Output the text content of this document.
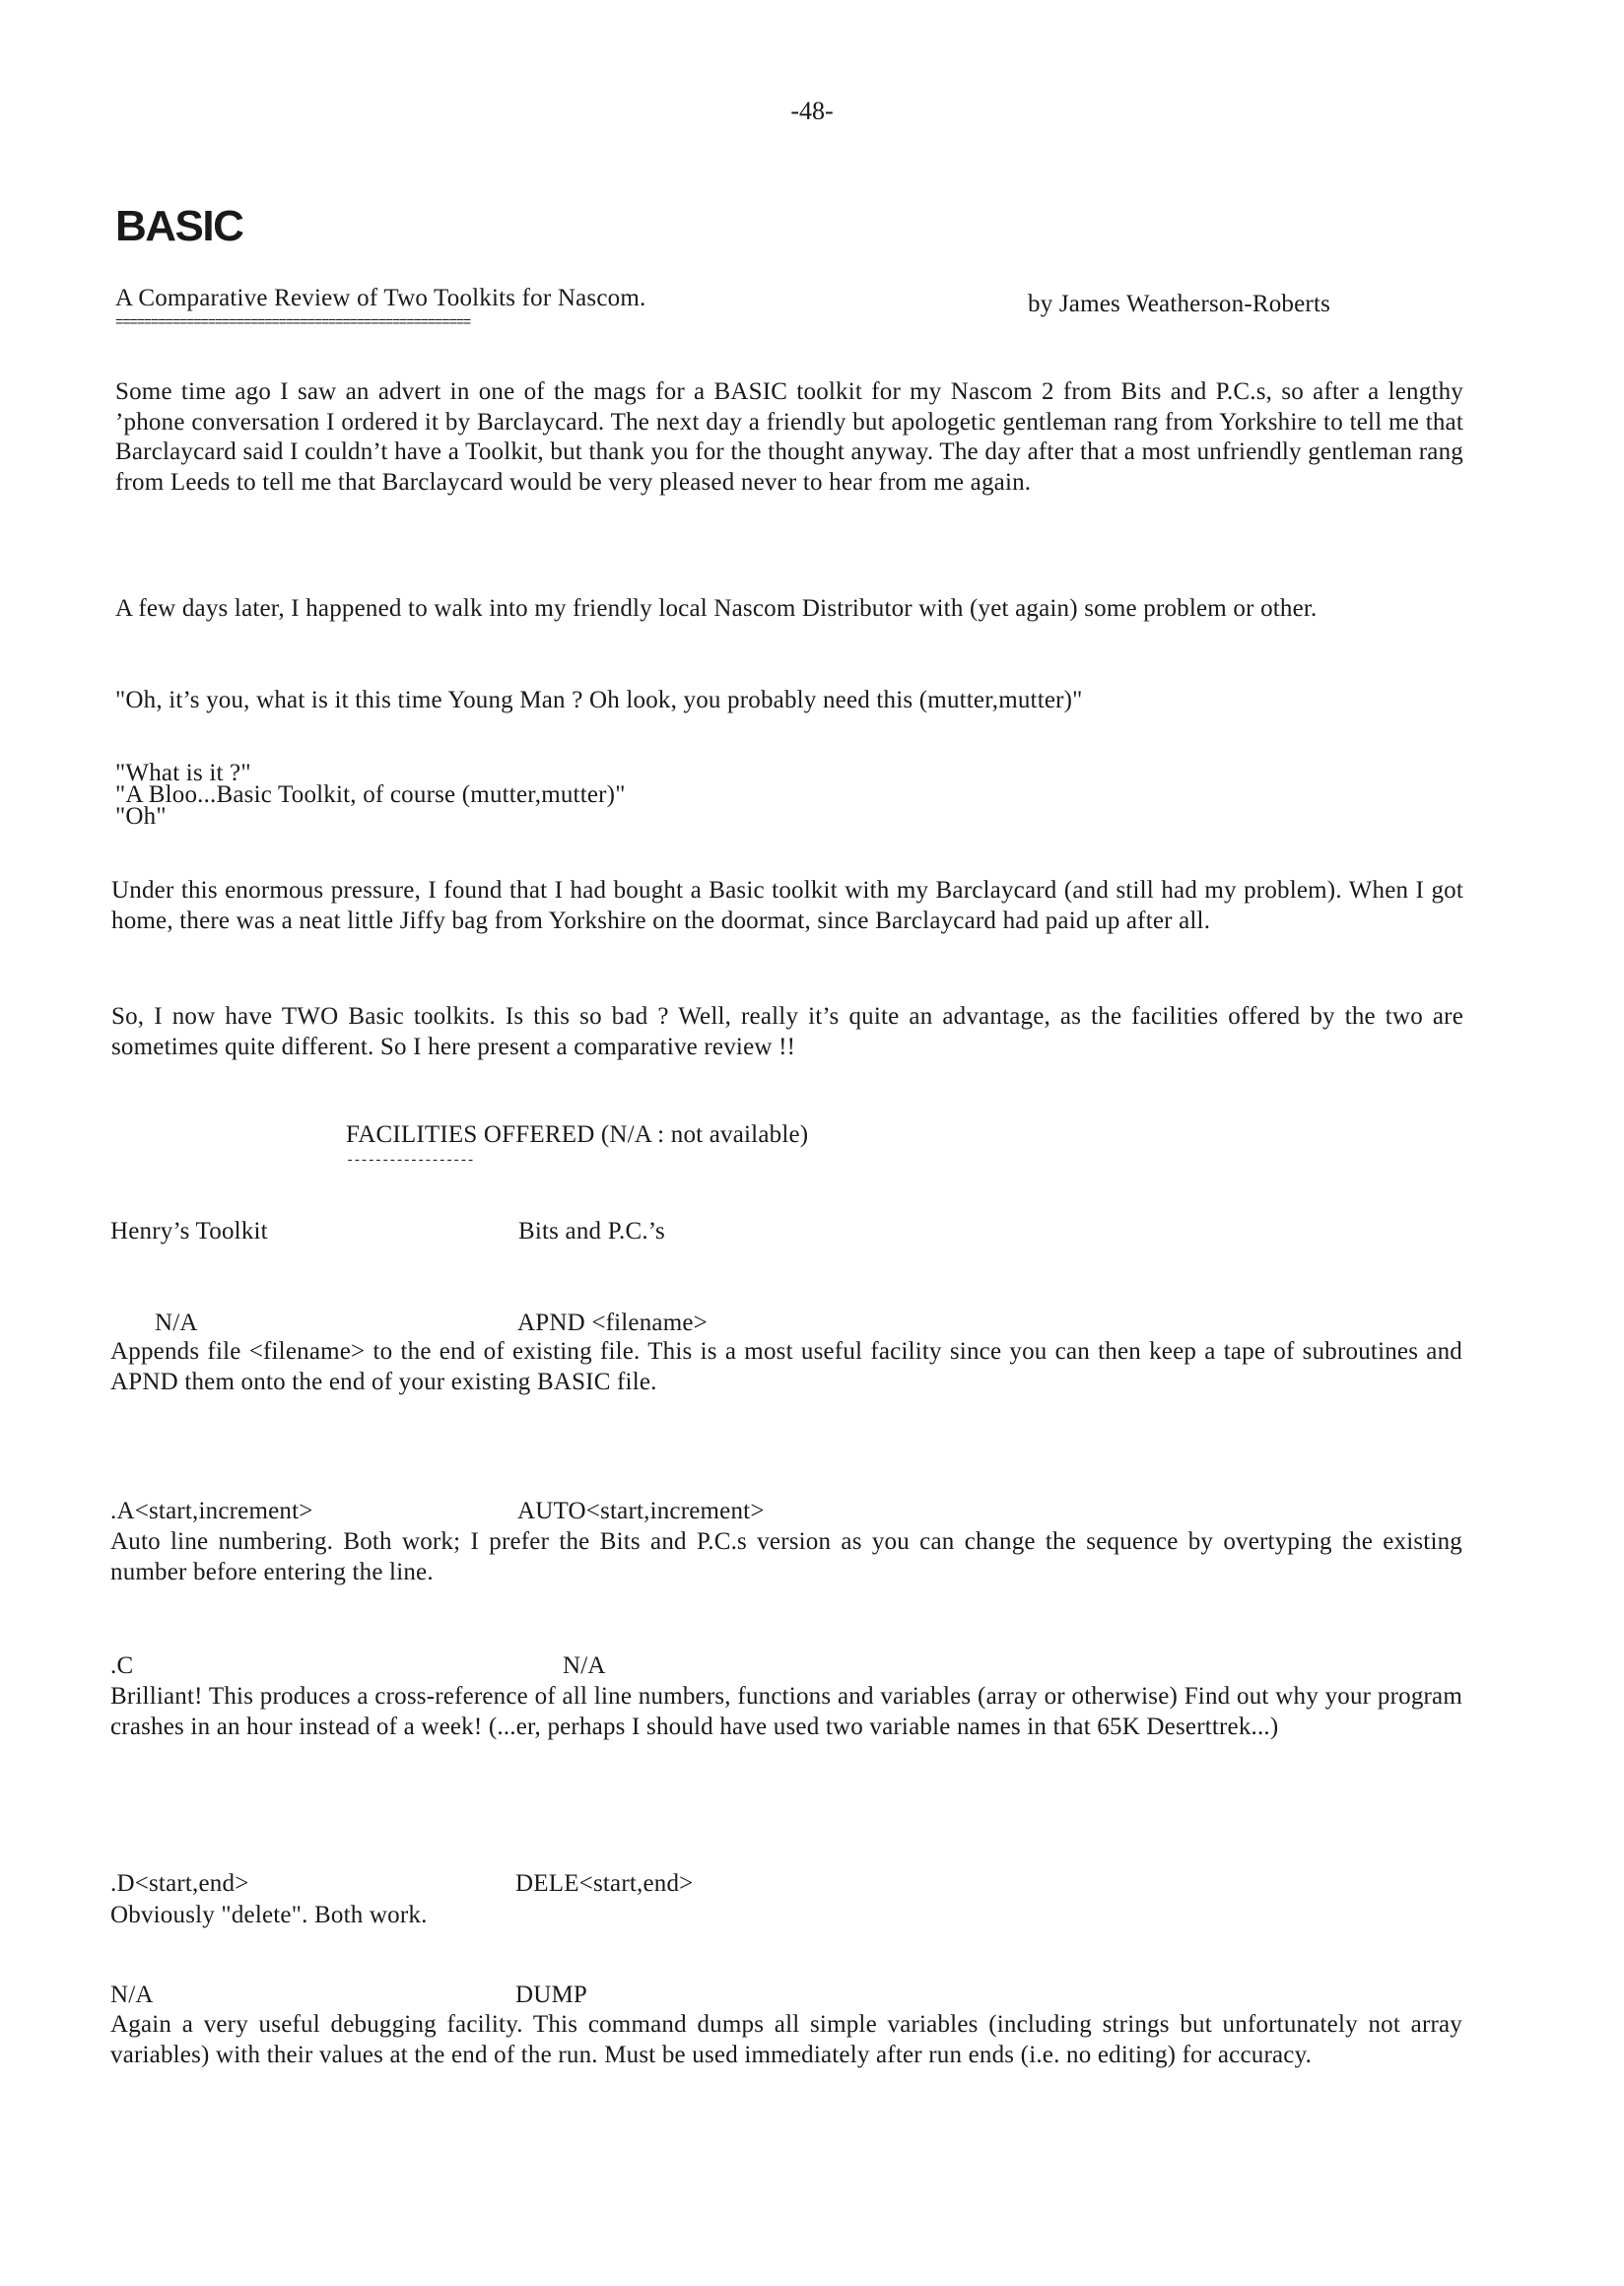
-48-
BASIC
A Comparative Review of Two Toolkits for Nascom.	by James Weatherson-Roberts
==================================================
Some time ago I saw an advert in one of the mags for a BASIC toolkit for my Nascom 2 from Bits and P.C.s, so after a lengthy ’phone conversation I ordered it by Barclaycard. The next day a friendly but apologetic gentleman rang from Yorkshire to tell me that Barclaycard said I couldn’t have a Toolkit, but thank you for the thought anyway. The day after that a most unfriendly gentleman rang from Leeds to tell me that Barclaycard would be very pleased never to hear from me again.
A few days later, I happened to walk into my friendly local Nascom Distributor with (yet again) some problem or other.
"Oh, it’s you, what is it this time Young Man ? Oh look, you probably need this (mutter,mutter)"
"What is it ?"
"A Bloo...Basic Toolkit, of course (mutter,mutter)"
"Oh"
Under this enormous pressure, I found that I had bought a Basic toolkit with my Barclaycard (and still had my problem). When I got home, there was a neat little Jiffy bag from Yorkshire on the doormat, since Barclaycard had paid up after all.
So, I now have TWO Basic toolkits. Is this so bad ? Well, really it’s quite an advantage, as the facilities offered by the two are sometimes quite different. So I here present a comparative review !!
FACILITIES OFFERED (N/A : not available)
------------------
Henry’s Toolkit	Bits and P.C.’s
N/A	APND <filename>
Appends file <filename> to the end of existing file. This is a most useful facility since you can then keep a tape of subroutines and APND them onto the end of your existing BASIC file.
.A<start,increment>	AUTO<start,increment>
Auto line numbering. Both work; I prefer the Bits and P.C.s version as you can change the sequence by overtyping the existing number before entering the line.
.C	N/A
Brilliant! This produces a cross-reference of all line numbers, functions and variables (array or otherwise) Find out why your program crashes in an hour instead of a week! (...er, perhaps I should have used two variable names in that 65K Deserttrek...)
.D<start,end>	DELE<start,end>
Obviously "delete". Both work.
N/A	DUMP
Again a very useful debugging facility. This command dumps all simple variables (including strings but unfortunately not array variables) with their values at the end of the run. Must be used immediately after run ends (i.e. no editing) for accuracy.
